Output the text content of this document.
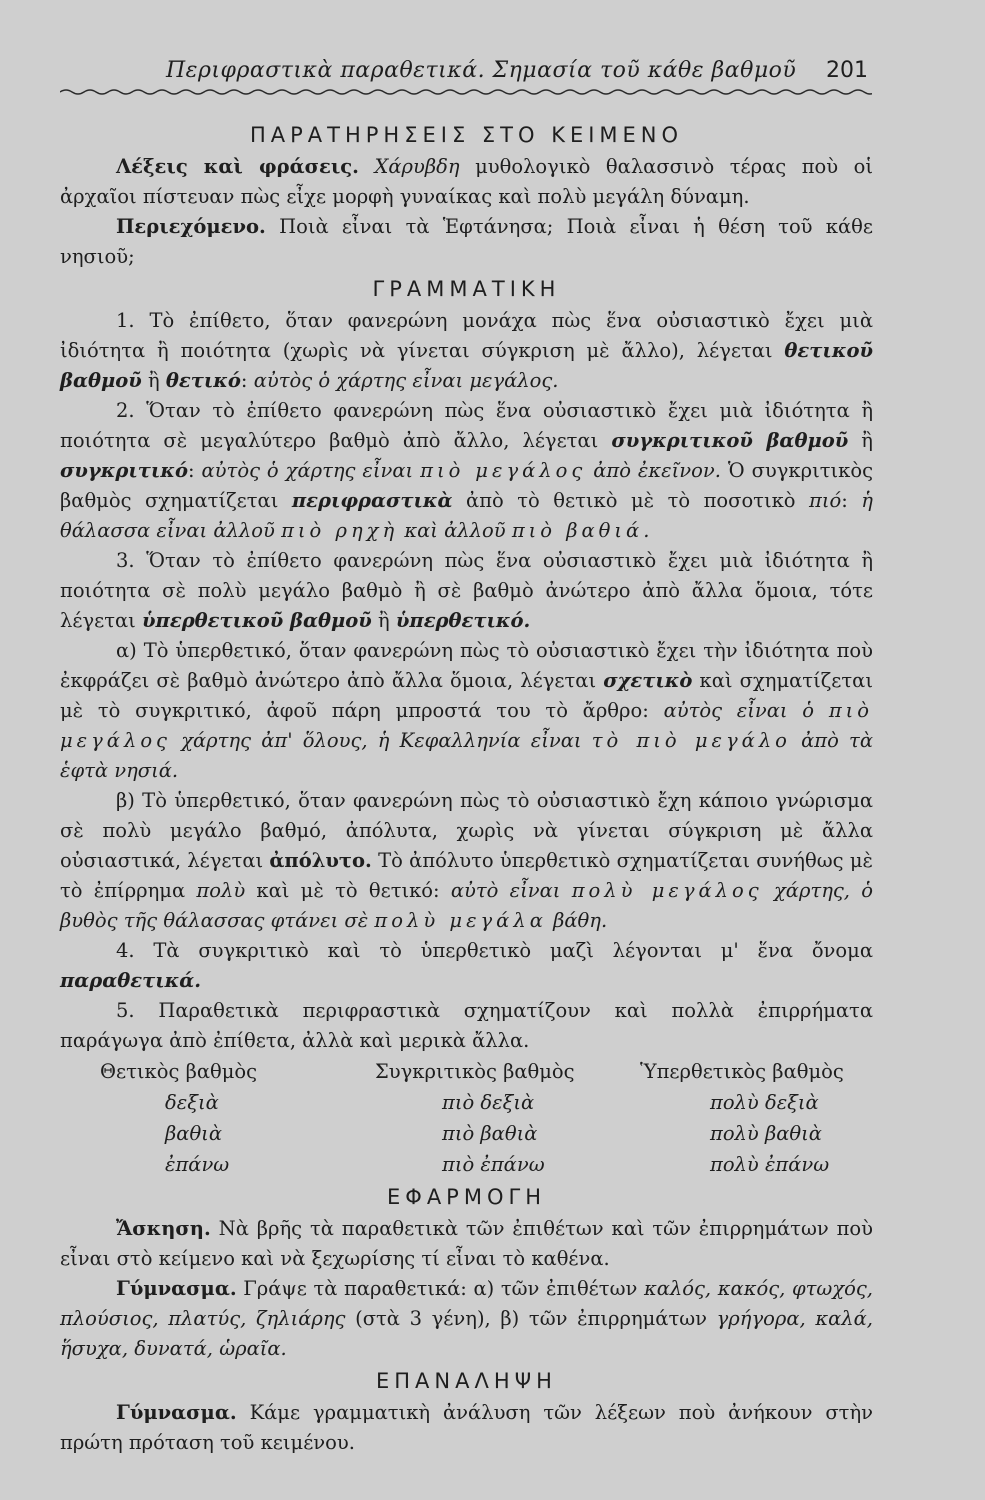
Περιφραστικὰ παραθετικά. Σημασία τοῦ κάθε βαθμοῦ 201
ΠΑΡΑΤΗΡΗΣΕΙΣ ΣΤΟ ΚΕΙΜΕΝΟ

Λέξεις καὶ φράσεις. Χάρυβδη μυθολογικὸ θαλασσινὸ τέρας ποὺ οἱ ἀρχαῖοι πίστευαν πὼς εἶχε μορφὴ γυναίκας καὶ πολὺ μεγάλη δύναμη.

Περιεχόμενο. Ποιὰ εἶναι τὰ Ἑφτάνησα; Ποιὰ εἶναι ἡ θέση τοῦ κάθε νησιοῦ;

ΓΡΑΜΜΑΤΙΚΗ

1. Τὸ ἐπίθετο, ὅταν φανερώνη μονάχα πὼς ἕνα οὐσιαστικὸ ἔχει μιὰ ἰδιότητα ἢ ποιότητα (χωρὶς νὰ γίνεται σύγκριση μὲ ἄλλο), λέγεται θετικοῦ βαθμοῦ ἢ θετικό: αὐτὸς ὁ χάρτης εἶναι μεγάλος.

2. Ὅταν τὸ ἐπίθετο φανερώνη πὼς ἕνα οὐσιαστικὸ ἔχει μιὰ ἰδιότητα ἢ ποιότητα σὲ μεγαλύτερο βαθμὸ ἀπὸ ἄλλο, λέγεται συγκριτικοῦ βαθμοῦ ἢ συγκριτικό: αὐτὸς ὁ χάρτης εἶναι πιὸ μεγάλος ἀπὸ ἐκεῖνον. Ὁ συγκριτικὸς βαθμὸς σχηματίζεται περιφραστικὰ ἀπὸ τὸ θετικὸ μὲ τὸ ποσοτικὸ πιό: ἡ θάλασσα εἶναι ἀλλοῦ πιὸ ρηχὴ καὶ ἀλλοῦ πιὸ βαθιά.

3. Ὅταν τὸ ἐπίθετο φανερώνη πὼς ἕνα οὐσιαστικὸ ἔχει μιὰ ἰδιότητα ἢ ποιότητα σὲ πολὺ μεγάλο βαθμὸ ἢ σὲ βαθμὸ ἀνώτερο ἀπὸ ἄλλα ὅμοια, τότε λέγεται ὑπερθετικοῦ βαθμοῦ ἢ ὑπερθετικό.

α) Τὸ ὑπερθετικό, ὅταν φανερώνη πὼς τὸ οὐσιαστικὸ ἔχει τὴν ἰδιότητα ποὺ ἐκφράζει σὲ βαθμὸ ἀνώτερο ἀπὸ ἄλλα ὅμοια, λέγεται σχετικὸ καὶ σχηματίζεται μὲ τὸ συγκριτικό, ἀφοῦ πάρη μπροστά του τὸ ἄρθρο: αὐτὸς εἶναι ὁ πιὸ μεγάλος χάρτης ἀπ' ὅλους, ἡ Κεφαλληνία εἶναι τὸ πιὸ μεγάλο ἀπὸ τὰ ἑφτὰ νησιά.

β) Τὸ ὑπερθετικό, ὅταν φανερώνη πὼς τὸ οὐσιαστικὸ ἔχη κάποιο γνώρισμα σὲ πολὺ μεγάλο βαθμό, ἀπόλυτα, χωρὶς νὰ γίνεται σύγκριση μὲ ἄλλα οὐσιαστικά, λέγεται ἀπόλυτο. Τὸ ἀπόλυτο ὑπερθετικὸ σχηματίζεται συνήθως μὲ τὸ ἐπίρρημα πολὺ καὶ μὲ τὸ θετικό: αὐτὸ εἶναι πολὺ μεγάλος χάρτης, ὁ βυθὸς τῆς θάλασσας φτάνει σὲ πολὺ μεγάλα βάθη.

4. Τὰ συγκριτικὸ καὶ τὸ ὑπερθετικὸ μαζὶ λέγονται μ' ἕνα ὄνομα παραθετικά.

5. Παραθετικὰ περιφραστικὰ σχηματίζουν καὶ πολλὰ ἐπιρρήματα παράγωγα ἀπὸ ἐπίθετα, ἀλλὰ καὶ μερικὰ ἄλλα.

Θετικὸς βαθμὸς	Συγκριτικὸς βαθμὸς	Ὑπερθετικὸς βαθμὸς
δεξιὰ	πιὸ δεξιὰ	πολὺ δεξιὰ
βαθιὰ	πιὸ βαθιὰ	πολὺ βαθιὰ
ἐπάνω	πιὸ ἐπάνω	πολὺ ἐπάνω
ΕΦΑΡΜΟΓΗ

Ἄσκηση. Νὰ βρῆς τὰ παραθετικὰ τῶν ἐπιθέτων καὶ τῶν ἐπιρρημάτων ποὺ εἶναι στὸ κείμενο καὶ νὰ ξεχωρίσης τί εἶναι τὸ καθένα.

Γύμνασμα. Γράψε τὰ παραθετικά: α) τῶν ἐπιθέτων καλός, κακός, φτωχός, πλούσιος, πλατύς, ζηλιάρης (στὰ 3 γένη), β) τῶν ἐπιρρημάτων γρήγορα, καλά, ἥσυχα, δυνατά, ὡραῖα.

ΕΠΑΝΑΛΗΨΗ

Γύμνασμα. Κάμε γραμματικὴ ἀνάλυση τῶν λέξεων ποὺ ἀνήκουν στὴν πρώτη πρόταση τοῦ κειμένου.
